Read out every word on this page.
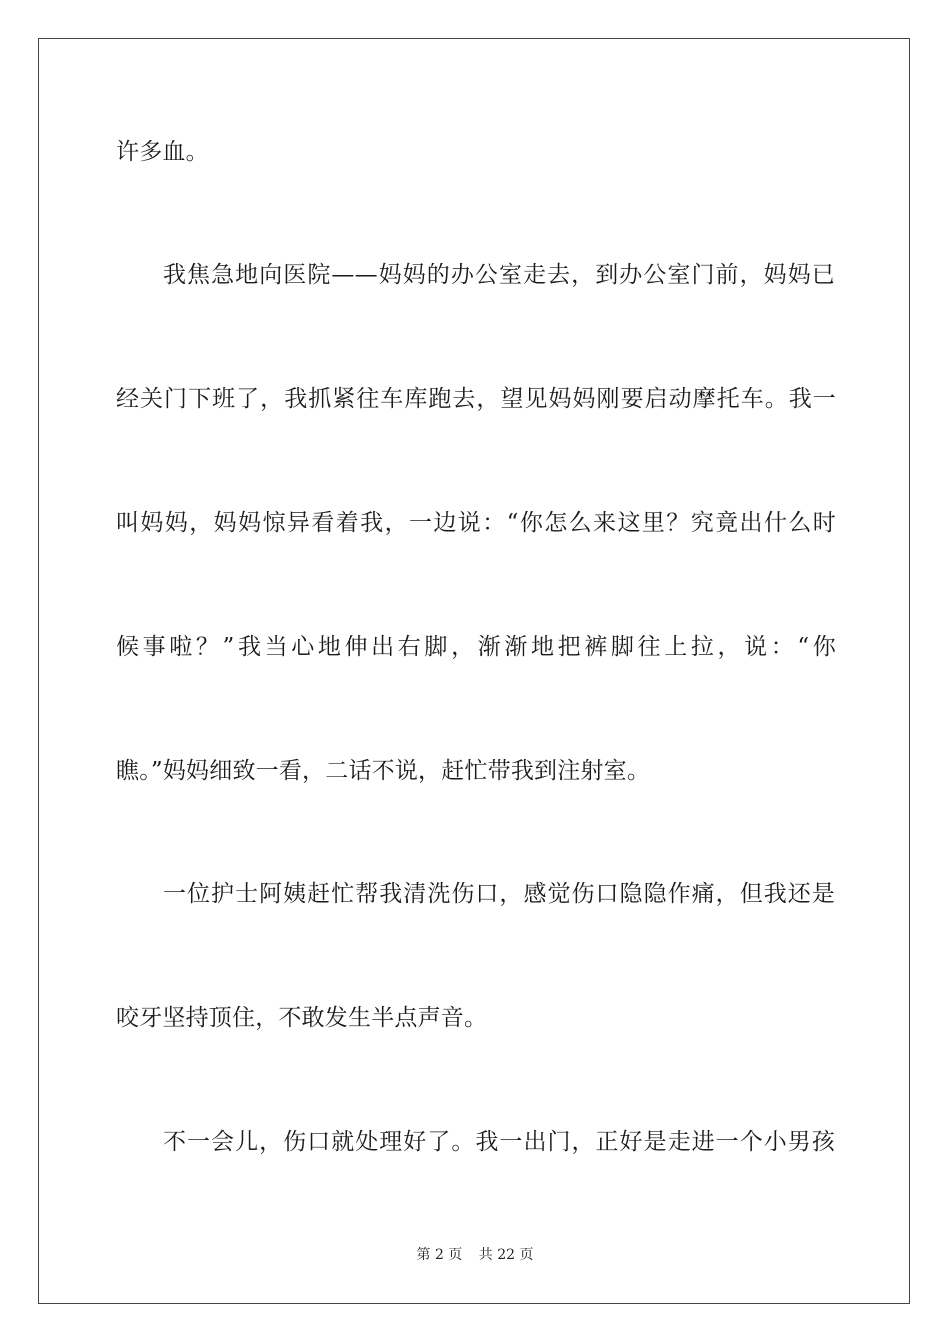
许多血。
我焦急地向医院——妈妈的办公室走去，到办公室门前，妈妈已
经关门下班了，我抓紧往车库跑去，望见妈妈刚要启动摩托车。我一
叫妈妈，妈妈惊异看着我，一边说：“你怎么来这里？究竟出什么时
候事啦？”我当心地伸出右脚，渐渐地把裤脚往上拉，说：“你
瞧。”妈妈细致一看，二话不说，赶忙带我到注射室。
一位护士阿姨赶忙帮我清洗伤口，感觉伤口隐隐作痛，但我还是
咬牙坚持顶住，不敢发生半点声音。
不一会儿，伤口就处理好了。我一出门，正好是走进一个小男孩
第 2 页 共 22 页
